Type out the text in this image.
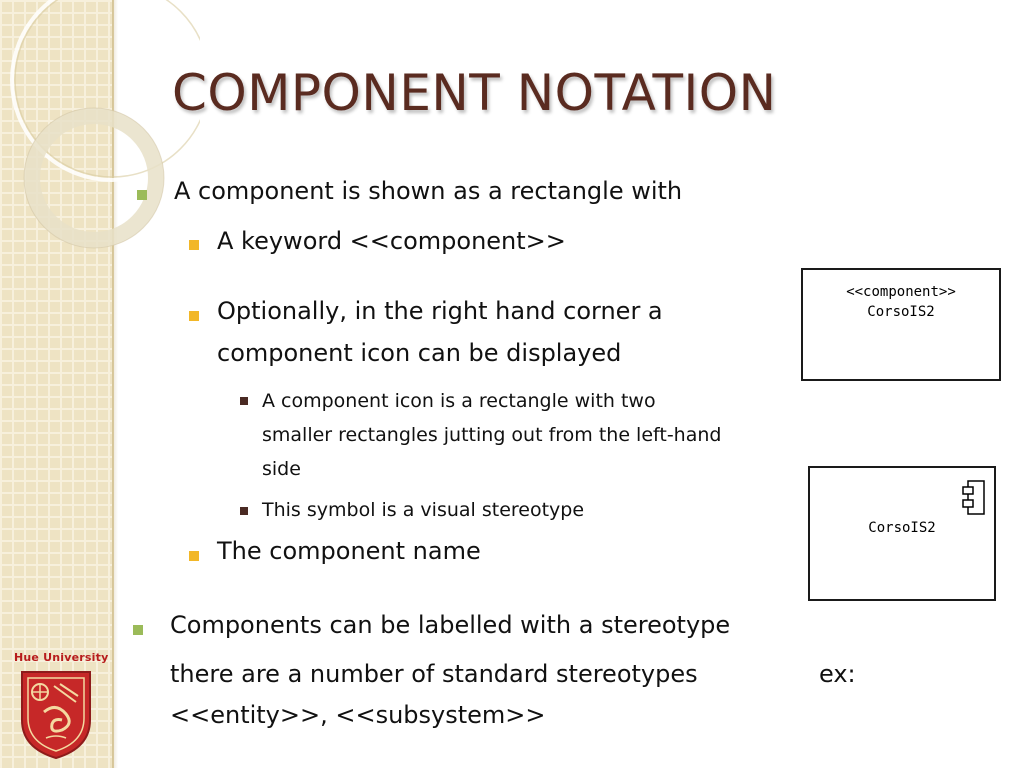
Hue University
COMPONENT NOTATION
A component is shown as a rectangle with
A keyword <<component>>
Optionally, in the right hand corner a
component icon can be displayed
A component icon is a rectangle with two
smaller rectangles jutting out from the left-hand
side
This symbol is a visual stereotype
The component name
Components can be labelled with a stereotype
there are a number of standard stereotypes	ex:
<<entity>>, <<subsystem>>
<<component>>
CorsoIS2
CorsoIS2
